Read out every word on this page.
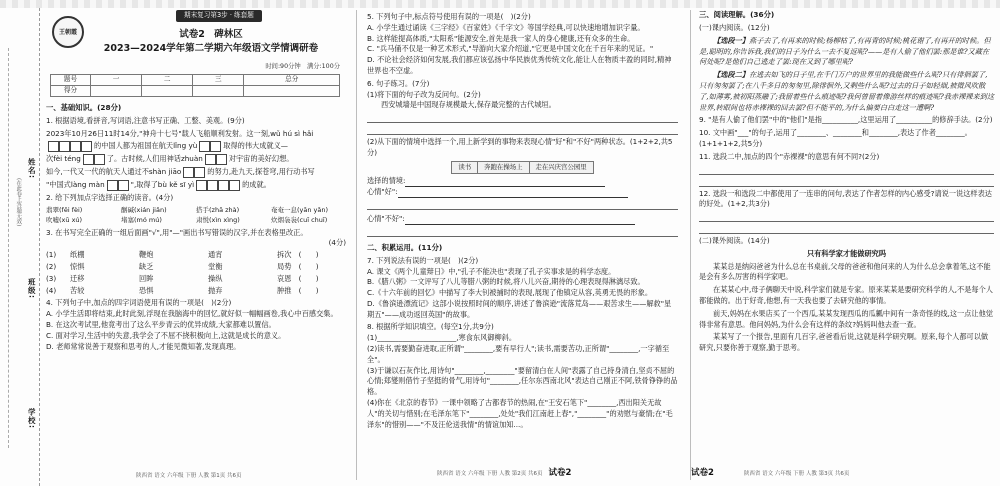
姓名:
(在此卷上答题无效)
班级:
学校:
王朝霞
期末复习第3步 · 练套题
试卷2　碑林区
2023—2024学年第二学期六年级语文学情调研卷
时间:90分钟　满分:100分
题号	一	二	三	总分
得分				
一、基础知识。(28分)
1. 根据语境,看拼音,写词语,注意书写正确、工整、美观。(9分)
2023年10月26日11时14分,"神舟十七号"载人飞船顺利发射。这一刻,wǔ hú sì hǎi
的中国人都为祖国在航天lǐng yù	取得的伟大成就义—
次fèi téng	了。古时候,人们用神话zhuàn	对宇宙的美好幻想。
如今,一代又一代的航天人通过不shàn jiāo	的努力,赴九天,探苍穹,用行动书写
"中国式làng màn	",取得了bù kě sī yì	的成就。
2. 给下列加点字选择正确的读音。(4分)
翡翠(fěi fèi)	酗碱(xián jiǎn)	搭手(zhā zhà)	奄奄一息(yān yǎn)
吹嘘(xū xú)	堵塞(mó mú)	肃悦(xìn xìng)	炊烟袅袅(cuī chuī)
3. 在书写完全正确的一组后面画"√",用"—"画出书写错误的汉字,并在表格里改正。
(4分)
(1)	纸棚	鞭炮	通宵	拆次　 (　　 )
(2)	惊惧	缺乏	堂衡	局势　 (　　 )
(3)	迁移	回眸	操纵	哀恩　 (　　 )
(4)	苦较	恐惧	抛弃	肿推　 (　　 )
4. 下列句子中,加点的四字词语使用有误的一项是(　)(2分)
A. 小学生活即将结束,此时此刻,浮现在我脑海中的回忆,就好似一幅幅画卷,我心中百感交集。
B. 在这次考试里,他竟考出了这么平步青云的优异成绩,大家都难以置信。
C. 面对学习,生活中的失意,我学会了不屈不挠积极向上,这就是成长的意义。
D. 老师常常说善于观察和思考的人,才能见微知著,发现真理。
陕西省 语文 六年级 下册 人教 第1页 共6页
5. 下列句子中,标点符号使用有误的一项是(　)(2分)
A. 小学生通过诵读《三字经》《百家姓》《千字文》等国学经典,可以快速地增加识字量。
B. 这样能提高体质,"太阳系"能源安全,首先是我一家人的身心健康,还有众多的生命。
C. "兵马俑不仅是一种艺术形式,"导游向大家介绍道,"它更是中国文化在千百年来的见证。"
D. 不论社会经济如何发展,我们都应该弘扬中华民族优秀传统文化,能让人在物质丰盈的同时,精神世界也不空虚。
6. 句子练习。(7分)
(1)将下面的句子改为反问句。(2分)
西安城墙是中国现存规模最大,保存最完整的古代城垣。
(2)从下面的情境中选择一个,用上新学到的事物来表现心情"好"和"不好"两种状态。(1+2+2,共5分)
读书	奔跑在操场上	走在兴庆宫公园里
选择的情境:
心情"好":
心情"不好":
二、积累运用。(11分)
7. 下列说法有误的一项是(　)(2分)
A. 课文《两个儿童辩日》中,"孔子不能决也"表现了孔子实事求是的科学态度。
B.《腊八粥》一文评写了八儿等腊八粥的时候,将八儿兴奋,期待的心理表现得淋漓尽致。
C.《十六年前的回忆》中描写了李大钊被捕时的表现,展现了他镇定从容,英勇无畏的形象。
D.《鲁滨逊漂流记》这部小说按照时间的顺序,讲述了鲁滨逊"流落荒岛——艰苦求生——解救"星期五"——成功返回英国"的故事。
8. 根据所学知识填空。(每空1分,共9分)
(1)______________________,寒食东风御柳斜。
(2)读书,需要勤奋进取,正所谓"________,要有早行人";读书,需要苦功,正所谓"________,一字循至全"。
(3)于谦以石灰作比,用诗句"________,________"要留清白在人间"表露了自己持身清白,坚贞不屈的心情;郑燮则借竹子坚挺的骨气,用诗句"________,任尔东西南北风"表达自己刚正不阿,铁骨铮铮的品格。
(4)你在《北京的春节》一课中领略了古都春节的热闹,在"王安石笔下"________,西出阳关无故人"的关切与惜别;在毛泽东笔下"________,处处"我们江南赶上春","________"的劝慰与豪情;在"毛泽东"的惜别——"不及汪伦送我情"的情谊加知...。
陕西省 语文 六年级 下册 人教 第2页 共6页 试卷2
三、阅读理解。(36分)
(一)课内阅读。(12分)
【选段一】燕子去了,有再来的时候;杨柳枯了,有再青的时候;桃花谢了,有再开的时候。但是,聪明的,你告诉我,我们的日子为什么一去不复返呢?——是有人偷了他们罢:那是谁?又藏在何处呢?是他们自己逃走了罢:现在又到了哪里呢?
【选段二】在逃去如飞的日子里,在千门万户的世界里的我能做些什么呢?只有徘徊罢了,只有匆匆罢了;在八千多日的匆匆里,除徘徊外,又剩些什么呢?过去的日子如轻烟,被微风吹散了,如薄雾,被初阳蒸融了;我留着些什么痕迹呢?我何曾留着像游丝样的痕迹呢?我赤裸裸来到这世界,转眼间也将赤裸裸的回去罢?但不能平的,为什么偏要白白走这一遭啊?
9. "是有人偷了他们罢"中的"他们"是指__________,这里运用了__________的修辞手法。(2分)
10. 文中画"___"的句子,运用了________、________和________,表达了作者________。(1+1+1+2,共5分)
11. 选段二中,加点的四个"赤裸裸"的意思有何不同?(2分)
12. 选段一和选段二中都使用了一连串的问句,表达了作者怎样的内心感受?请说一说这样表达的好处。(1+2,共3分)
(二)课外阅读。(14分)
只有科学家才能做研究吗
某某总是纳闷爸爸为什么总在书桌前,父母的爸爸和他问来的人为什么总会拿着笔,这不能是会有多么厉害的科学家吧。
在某某心中,母子俩聊天中说,科学家们就是专家。原来某某是要研究科学的人,不是每个人都能做的。出于好奇,他想,有一天我也要了去研究他的事情。
前天,妈妈在水果店买了一个西瓜,某某发现西瓜的瓜瓤中间有一条奇怪的线,这一点让他觉得非常有意思。他问妈妈,为什么会有这样的条纹?妈妈叫他去查一查。
某某写了一个报告,里面有几百字,爸爸看后说,这就是科学研究啊。原来,每个人都可以做研究,只要你善于观察,勤于思考。
试卷2	陕西省 语文 六年级 下册 人教 第3页 共6页
